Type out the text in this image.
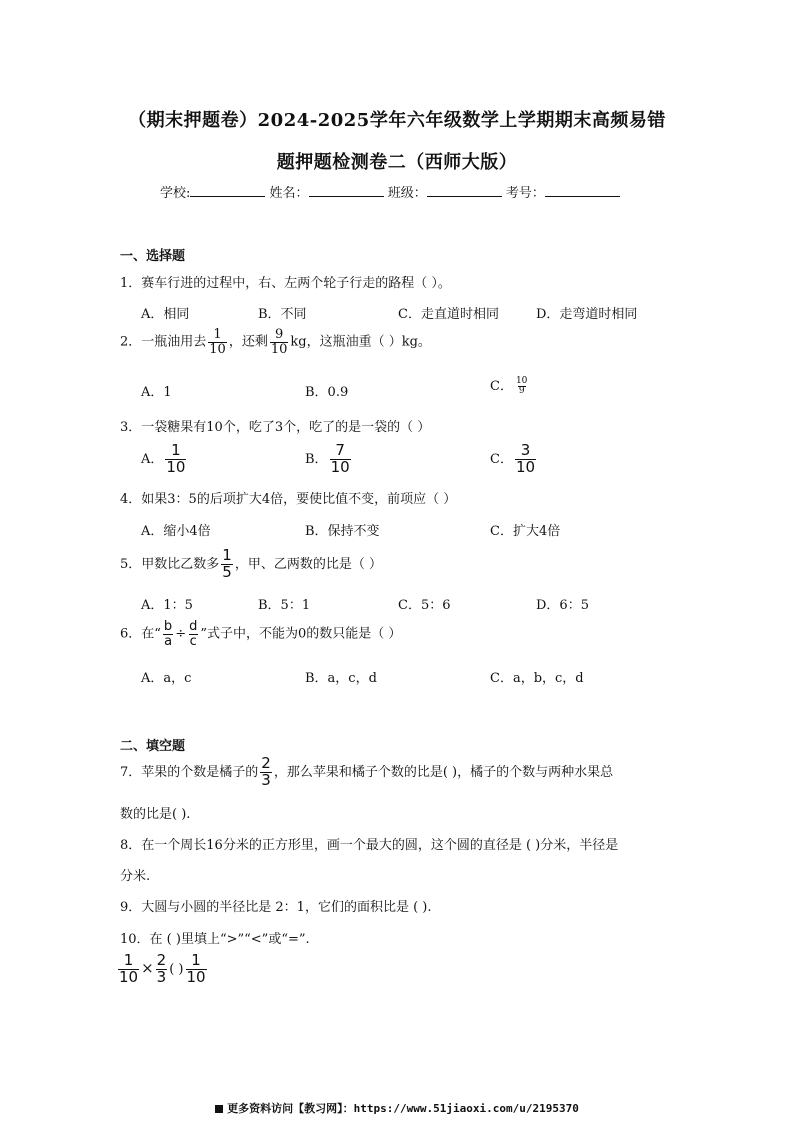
（期末押题卷）2024-2025学年六年级数学上学期期末高频易错
题押题检测卷二（西师大版）
学校:	姓名：	班级：	考号：
一、选择题
1．赛车行进的过程中，右、左两个轮子行走的路程（ ）。
A．相同	B．不同	C．走直道时相同	D．走弯道时相同
2．一瓶油用去 $\frac{1}{10}$ ，还剩 $\frac{9}{10}$ kg，这瓶油重（ ）kg。
A．1	B．0.9	C． $\frac{10}{9}$
3．一袋糖果有10个，吃了3个，吃了的是一袋的（ ）
A． $\frac{1}{10}$	B． $\frac{7}{10}$	C． $\frac{3}{10}$
4．如果3：5的后项扩大4倍，要使比值不变，前项应（ ）
A．缩小4倍	B．保持不变	C．扩大4倍
5．甲数比乙数多 $\frac{1}{5}$ ，甲、乙两数的比是（ ）
A．1：5	B．5：1	C．5：6	D．6：5
6．在“ $\frac{b}{a} \div \frac{d}{c}$ ”式子中，不能为0的数只能是（ ）
A．a，c	B．a，c，d	C．a，b，c，d
二、填空题
7．苹果的个数是橘子的 $\frac{2}{3}$ ，那么苹果和橘子个数的比是( )，橘子的个数与两种水果总
数的比是( ).
8．在一个周长16分米的正方形里，画一个最大的圆，这个圆的直径是 ( )分米，半径是
分米.
9．大圆与小圆的半径比是 2：1，它们的面积比是 ( ).
10．在 ( )里填上“>”“<”或“=”.
$\frac{1}{10} \times \frac{2}{3}$ ( ) $\frac{1}{10}$
更多资料访问【教习网】：https://www.51jiaoxi.com/u/2195370
